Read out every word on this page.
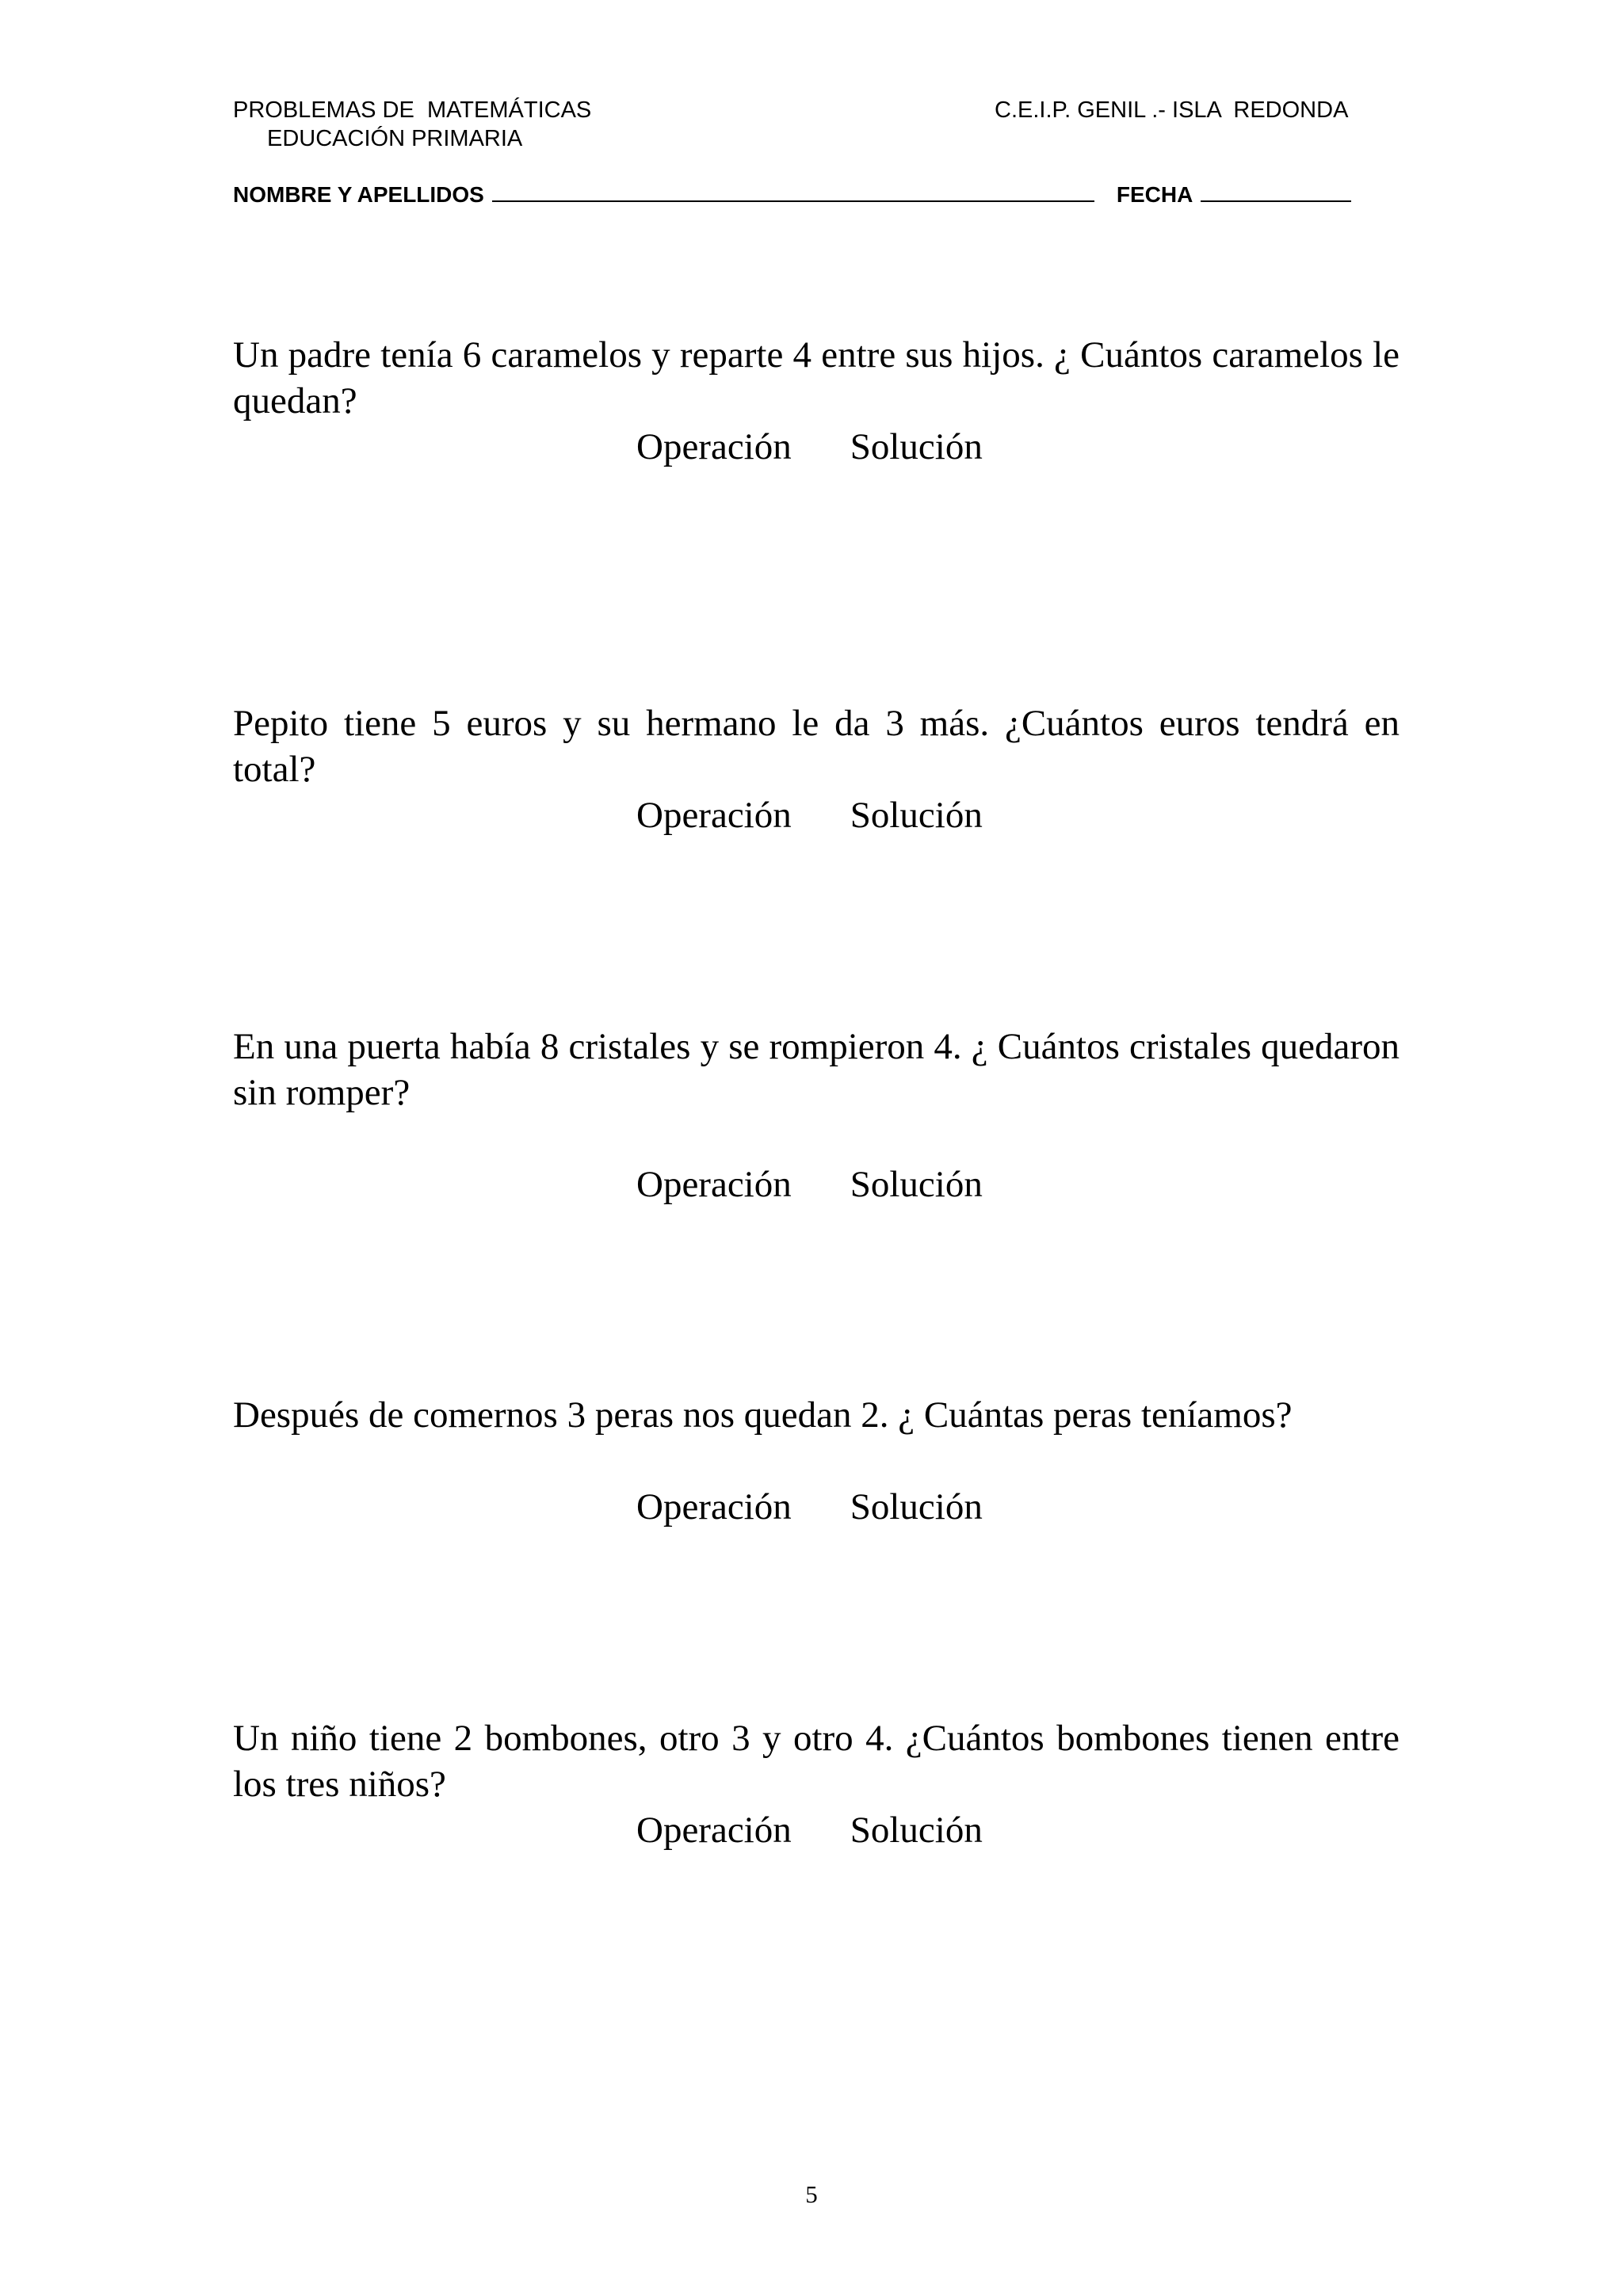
PROBLEMAS DE  MATEMÁTICAS
EDUCACIÓN PRIMARIA
C.E.I.P. GENIL .- ISLA  REDONDA
NOMBRE Y APELLIDOS	FECHA
Un padre tenía 6 caramelos y reparte 4 entre sus hijos. ¿ Cuántos caramelos le quedan?
Operación Solución
Pepito tiene 5 euros y su hermano le da 3 más. ¿Cuántos euros tendrá en total?
Operación Solución
En una puerta había 8 cristales y se rompieron 4. ¿ Cuántos cristales quedaron sin romper?
Operación Solución
Después de comernos 3 peras nos quedan 2. ¿ Cuántas peras teníamos?
Operación Solución
Un niño tiene 2 bombones, otro 3 y otro 4. ¿Cuántos bombones tienen entre los tres niños?
Operación Solución
5
